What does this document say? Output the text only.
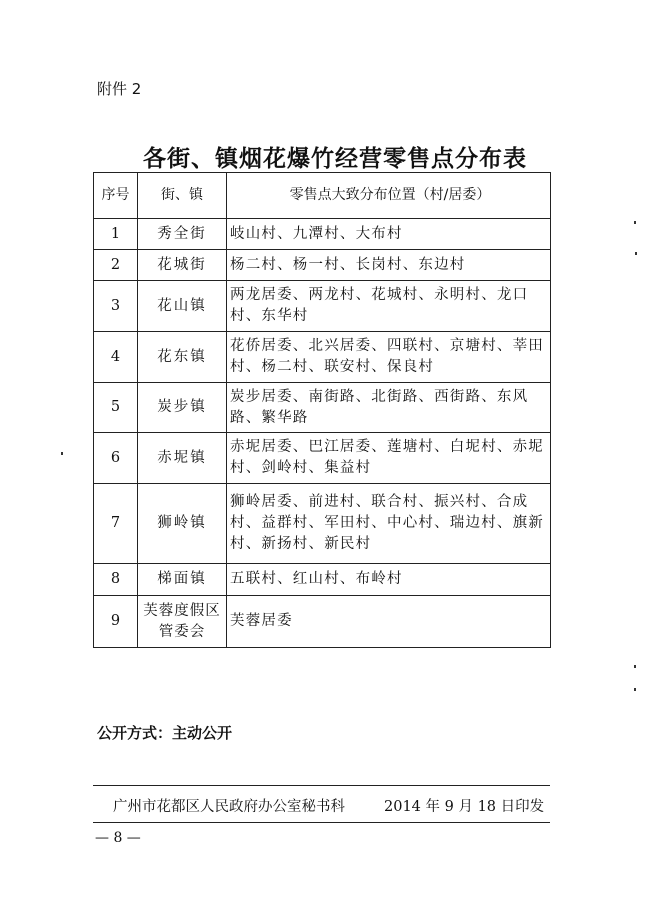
附件 2
各街、镇烟花爆竹经营零售点分布表
序号	街、镇	零售点大致分布位置（村/居委）
1	秀全街	岐山村、九潭村、大布村
2	花城街	杨二村、杨一村、长岗村、东边村
3	花山镇	两龙居委、两龙村、花城村、永明村、龙口村、东华村
4	花东镇	花侨居委、北兴居委、四联村、京塘村、莘田村、杨二村、联安村、保良村
5	炭步镇	炭步居委、南街路、北街路、西街路、东风路、繁华路
6	赤坭镇	赤坭居委、巴江居委、莲塘村、白坭村、赤坭村、剑岭村、集益村
7	狮岭镇	狮岭居委、前进村、联合村、振兴村、合成村、益群村、军田村、中心村、瑞边村、旗新村、新扬村、新民村
8	梯面镇	五联村、红山村、布岭村
9	芙蓉度假区管委会	芙蓉居委
公开方式：主动公开
广州市花都区人民政府办公室秘书科	2014 年 9 月 18 日印发
— 8 —
